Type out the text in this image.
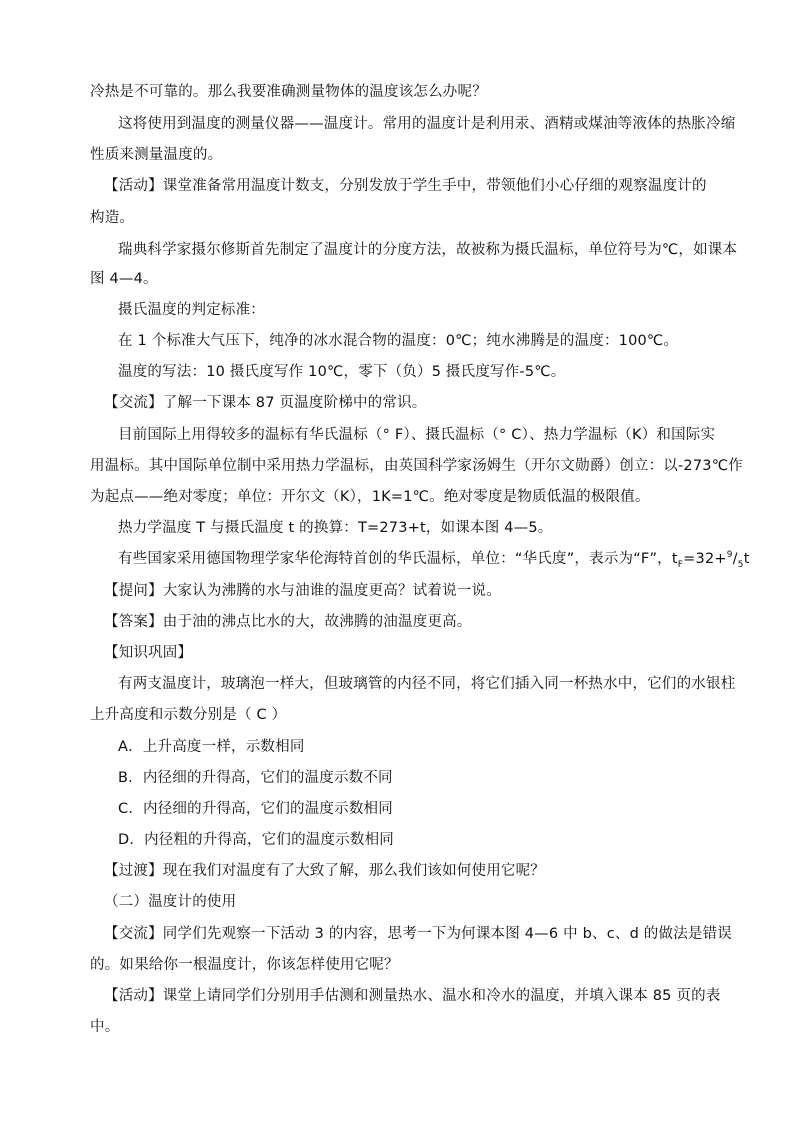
冷热是不可靠的。那么我要准确测量物体的温度该怎么办呢？
这将使用到温度的测量仪器——温度计。常用的温度计是利用汞、酒精或煤油等液体的热胀冷缩
性质来测量温度的。
【活动】课堂准备常用温度计数支，分别发放于学生手中，带领他们小心仔细的观察温度计的
构造。
瑞典科学家摄尔修斯首先制定了温度计的分度方法，故被称为摄氏温标，单位符号为℃，如课本
图 4—4。
摄氏温度的判定标准：
在 1 个标准大气压下，纯净的冰水混合物的温度：0℃；纯水沸腾是的温度：100℃。
温度的写法：10 摄氏度写作 10℃，零下（负）5 摄氏度写作-5℃。
【交流】了解一下课本 87 页温度阶梯中的常识。
目前国际上用得较多的温标有华氏温标（° F）、摄氏温标（° C）、热力学温标（K）和国际实
用温标。其中国际单位制中采用热力学温标，由英国科学家汤姆生（开尔文勋爵）创立：以-273℃作
为起点——绝对零度；单位：开尔文（K），1K=1℃。绝对零度是物质低温的极限值。
热力学温度 T 与摄氏温度 t 的换算：T=273+t，如课本图 4—5。
有些国家采用德国物理学家华伦海特首创的华氏温标，单位：“华氏度”，表示为“F”，$t_F=32+^9/_5t$
【提问】大家认为沸腾的水与油谁的温度更高？试着说一说。
【答案】由于油的沸点比水的大，故沸腾的油温度更高。
【知识巩固】
有两支温度计，玻璃泡一样大，但玻璃管的内径不同，将它们插入同一杯热水中，它们的水银柱
上升高度和示数分别是（ C ）
A．上升高度一样，示数相同
B．内径细的升得高，它们的温度示数不同
C．内径细的升得高，它们的温度示数相同
D．内径粗的升得高，它们的温度示数相同
【过渡】现在我们对温度有了大致了解，那么我们该如何使用它呢？
（二）温度计的使用
【交流】同学们先观察一下活动 3 的内容，思考一下为何课本图 4—6 中 b、c、d 的做法是错误
的。如果给你一根温度计，你该怎样使用它呢？
【活动】课堂上请同学们分别用手估测和测量热水、温水和冷水的温度，并填入课本 85 页的表
中。
